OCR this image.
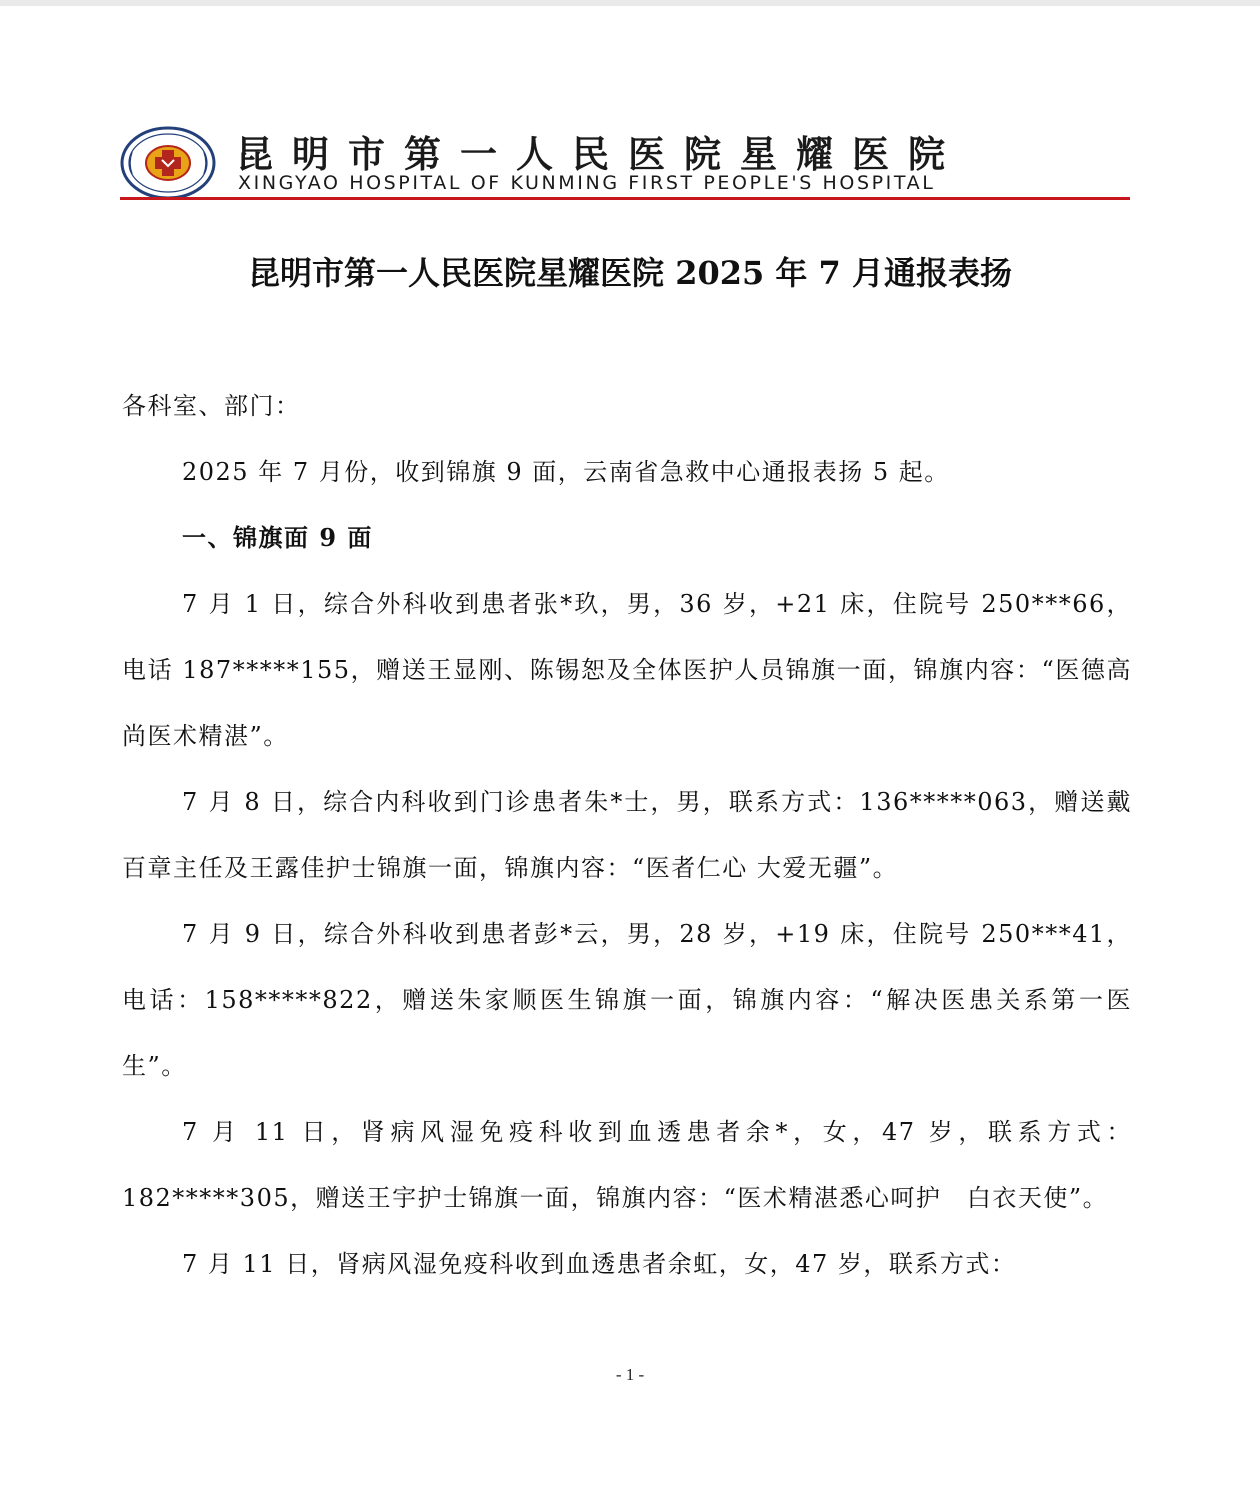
昆明市第一人民医院星耀医院
XINGYAO HOSPITAL OF KUNMING FIRST PEOPLE'S HOSPITAL
昆明市第一人民医院星耀医院 2025 年 7 月通报表扬

各科室、部门：

2025 年 7 月份，收到锦旗 9 面，云南省急救中心通报表扬 5 起。

一、锦旗面 9 面

7 月 1 日，综合外科收到患者张*玖，男，36 岁，+21 床，住院号 250***66，电话 187*****155，赠送王显刚、陈锡恕及全体医护人员锦旗一面，锦旗内容：“医德高尚医术精湛”。

7 月 8 日，综合内科收到门诊患者朱*士，男，联系方式：136*****063，赠送戴百章主任及王露佳护士锦旗一面，锦旗内容：“医者仁心 大爱无疆”。

7 月 9 日，综合外科收到患者彭*云，男，28 岁，+19 床，住院号 250***41，电话：158*****822，赠送朱家顺医生锦旗一面，锦旗内容：“解决医患关系第一医生”。

7 月 11 日，肾病风湿免疫科收到血透患者余*，女，47 岁，联系方式：182*****305，赠送王宇护士锦旗一面，锦旗内容：“医术精湛悉心呵护　白衣天使”。

7 月 11 日，肾病风湿免疫科收到血透患者余虹，女，47 岁，联系方式：

- 1 -
